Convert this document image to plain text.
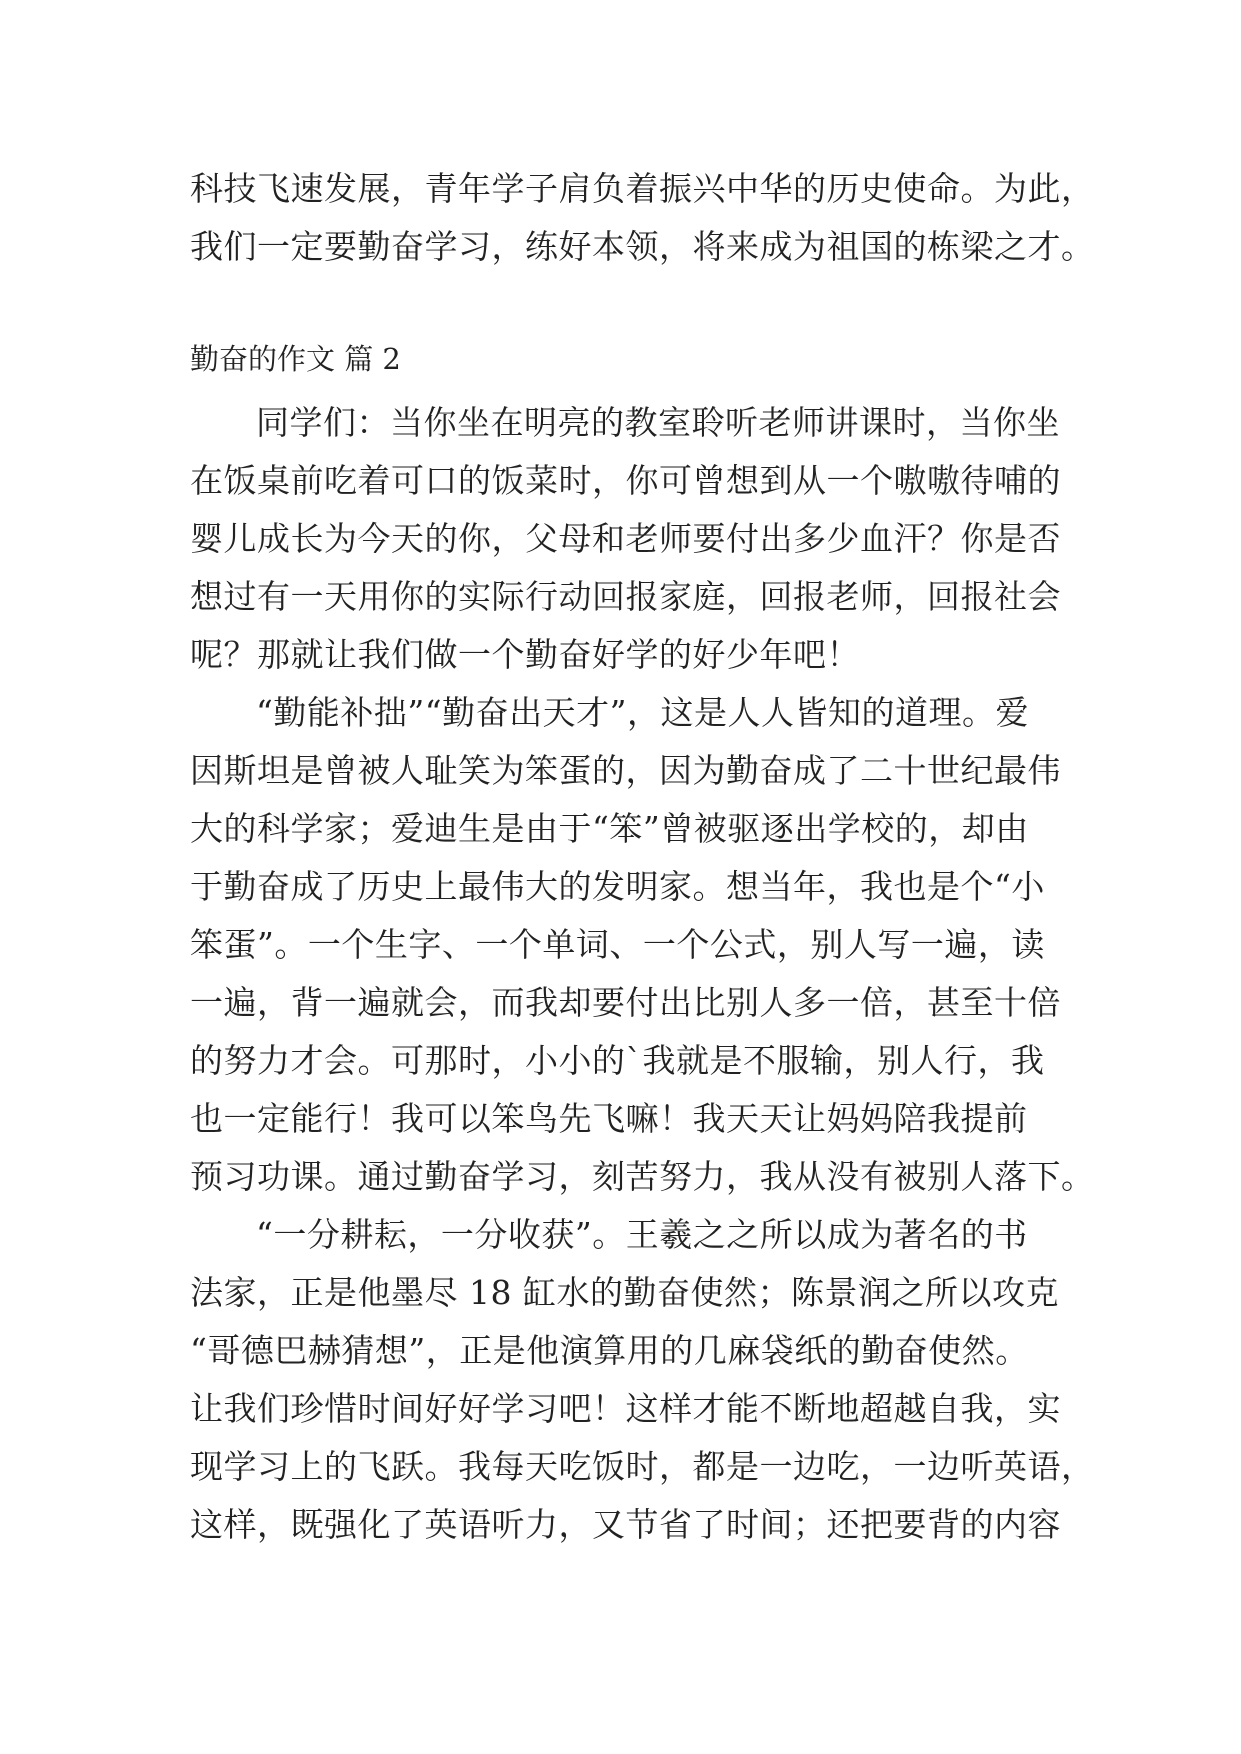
科技飞速发展，青年学子肩负着振兴中华的历史使命。为此，
我们一定要勤奋学习，练好本领，将来成为祖国的栋梁之才。
勤奋的作文 篇 2
同学们：当你坐在明亮的教室聆听老师讲课时，当你坐
在饭桌前吃着可口的饭菜时，你可曾想到从一个嗷嗷待哺的
婴儿成长为今天的你，父母和老师要付出多少血汗？你是否
想过有一天用你的实际行动回报家庭，回报老师，回报社会
呢？那就让我们做一个勤奋好学的好少年吧！
“勤能补拙”“勤奋出天才”，这是人人皆知的道理。爱
因斯坦是曾被人耻笑为笨蛋的，因为勤奋成了二十世纪最伟
大的科学家；爱迪生是由于“笨”曾被驱逐出学校的，却由
于勤奋成了历史上最伟大的发明家。想当年，我也是个“小
笨蛋”。一个生字、一个单词、一个公式，别人写一遍，读
一遍，背一遍就会，而我却要付出比别人多一倍，甚至十倍
的努力才会。可那时，小小的`我就是不服输，别人行，我
也一定能行！我可以笨鸟先飞嘛！我天天让妈妈陪我提前
预习功课。通过勤奋学习，刻苦努力，我从没有被别人落下。
“一分耕耘，一分收获”。王羲之之所以成为著名的书
法家，正是他墨尽 18 缸水的勤奋使然；陈景润之所以攻克
“哥德巴赫猜想”，正是他演算用的几麻袋纸的勤奋使然。
让我们珍惜时间好好学习吧！这样才能不断地超越自我，实
现学习上的飞跃。我每天吃饭时，都是一边吃，一边听英语，
这样，既强化了英语听力，又节省了时间；还把要背的内容
